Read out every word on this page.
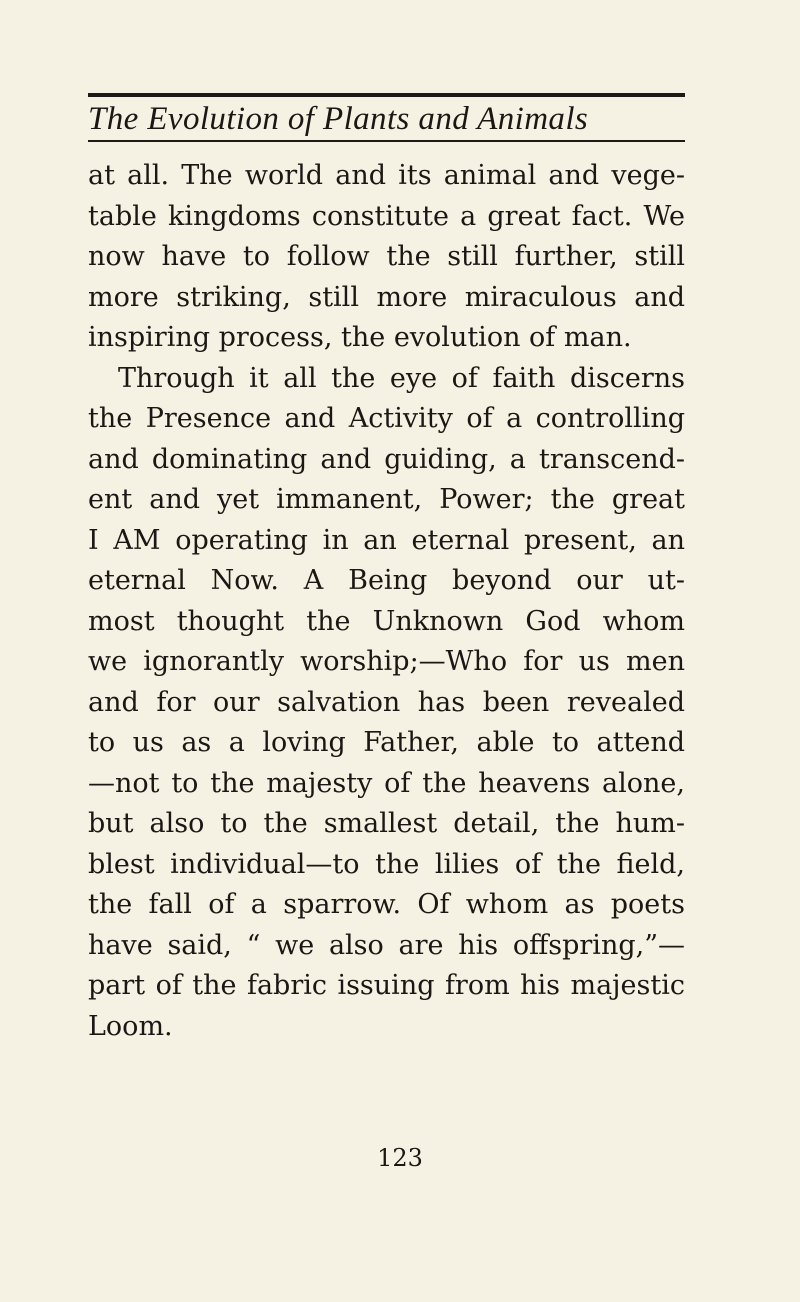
The Evolution of Plants and Animals
at all. The world and its animal and vege-
table kingdoms constitute a great fact. We
now have to follow the still further, still
more striking, still more miraculous and
inspiring process, the evolution of man.
Through it all the eye of faith discerns
the Presence and Activity of a controlling
and dominating and guiding, a transcend-
ent and yet immanent, Power; the great
I AM operating in an eternal present, an
eternal Now. A Being beyond our ut-
most thought the Unknown God whom
we ignorantly worship;—Who for us men
and for our salvation has been revealed
to us as a loving Father, able to attend
—not to the majesty of the heavens alone,
but also to the smallest detail, the hum-
blest individual—to the lilies of the field,
the fall of a sparrow. Of whom as poets
have said, “ we also are his offspring,”—
part of the fabric issuing from his majestic
Loom.
123
